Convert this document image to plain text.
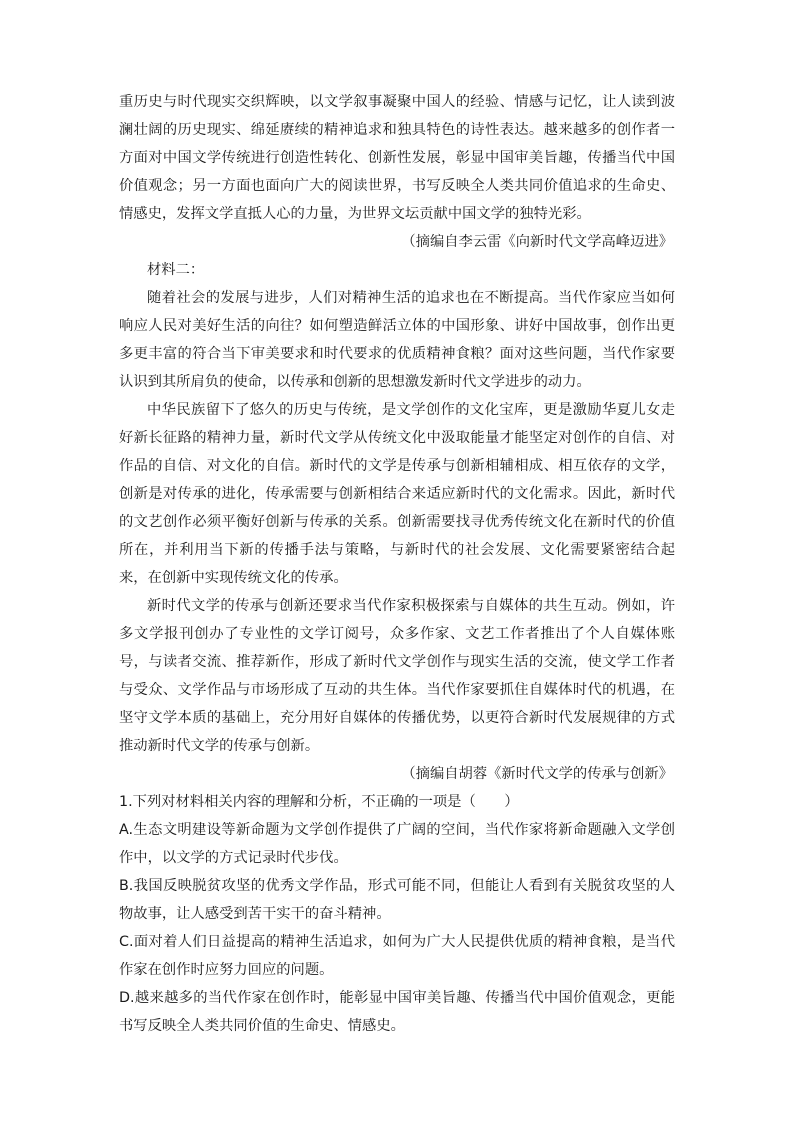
重历史与时代现实交织辉映，以文学叙事凝聚中国人的经验、情感与记忆，让人读到波澜壮阔的历史现实、绵延赓续的精神追求和独具特色的诗性表达。越来越多的创作者一方面对中国文学传统进行创造性转化、创新性发展，彰显中国审美旨趣，传播当代中国价值观念；另一方面也面向广大的阅读世界，书写反映全人类共同价值追求的生命史、情感史，发挥文学直抵人心的力量，为世界文坛贡献中国文学的独特光彩。

（摘编自李云雷《向新时代文学高峰迈进》

材料二：

随着社会的发展与进步，人们对精神生活的追求也在不断提高。当代作家应当如何响应人民对美好生活的向往？如何塑造鲜活立体的中国形象、讲好中国故事，创作出更多更丰富的符合当下审美要求和时代要求的优质精神食粮？面对这些问题，当代作家要认识到其所肩负的使命，以传承和创新的思想激发新时代文学进步的动力。

中华民族留下了悠久的历史与传统，是文学创作的文化宝库，更是激励华夏儿女走好新长征路的精神力量，新时代文学从传统文化中汲取能量才能坚定对创作的自信、对作品的自信、对文化的自信。新时代的文学是传承与创新相辅相成、相互依存的文学，创新是对传承的进化，传承需要与创新相结合来适应新时代的文化需求。因此，新时代的文艺创作必须平衡好创新与传承的关系。创新需要找寻优秀传统文化在新时代的价值所在，并利用当下新的传播手法与策略，与新时代的社会发展、文化需要紧密结合起来，在创新中实现传统文化的传承。

新时代文学的传承与创新还要求当代作家积极探索与自媒体的共生互动。例如，许多文学报刊创办了专业性的文学订阅号，众多作家、文艺工作者推出了个人自媒体账号，与读者交流、推荐新作，形成了新时代文学创作与现实生活的交流，使文学工作者与受众、文学作品与市场形成了互动的共生体。当代作家要抓住自媒体时代的机遇，在坚守文学本质的基础上，充分用好自媒体的传播优势，以更符合新时代发展规律的方式推动新时代文学的传承与创新。

（摘编自胡蓉《新时代文学的传承与创新》

1.下列对材料相关内容的理解和分析，不正确的一项是（　　）

A.生态文明建设等新命题为文学创作提供了广阔的空间，当代作家将新命题融入文学创作中，以文学的方式记录时代步伐。

B.我国反映脱贫攻坚的优秀文学作品，形式可能不同，但能让人看到有关脱贫攻坚的人物故事，让人感受到苦干实干的奋斗精神。

C.面对着人们日益提高的精神生活追求，如何为广大人民提供优质的精神食粮，是当代作家在创作时应努力回应的问题。

D.越来越多的当代作家在创作时，能彰显中国审美旨趣、传播当代中国价值观念，更能书写反映全人类共同价值的生命史、情感史。
